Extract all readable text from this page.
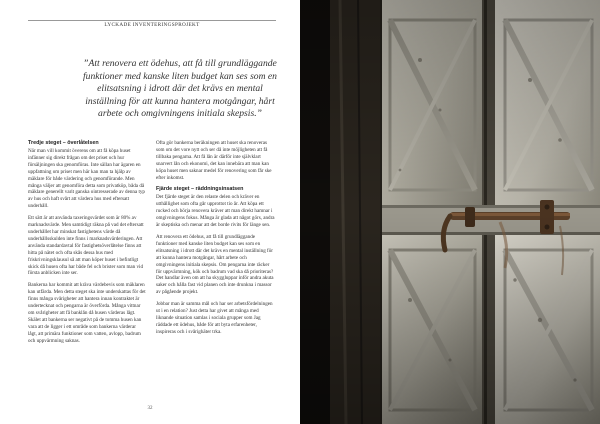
LYCKADE INVENTERINGSPROJEKT
”Att renovera ett ödehus, att få till grundläggande funktioner med kanske liten budget kan ses som en elitsatsning i idrott där det krävs en mental inställning för att kunna hantera motgångar, hårt arbete och omgivningens initiala skepsis.”
Tredje steget – överlåtelsen

När man vill kommit överens om att få köpa huset infänner sig direkt frågan om det priset och hur försäljningen ska genomföras. Inte sällan har ägaren en uppfattning om priset men här kan man ta hjälp av mäklare för både värdering och genomförande. Men många väljer att genomföra detta som privatköp, båda då mäklare generellt varit ganska ointresserade av denna typ av hus och haft svårt att värdera hus med eftersatt underhåll.

Ett sätt är att använda taxeringsvärdet som är 80% av marknadsvärde. Men samtidigt räkna på vad det eftersatt underhållet har minskat fastighetens värde då underhållsskulden inte finns i marknadsvärderingen. Att använda standardavtal för fastighetsöverlåtelse finns att hitta på nätet och ofta skås dessa hus med friskrivningsklausul så att man köper huset i befintligt skick då husen ofta har både fel och brister som man vid första anblicken inte ser.

Bankerna har kommit att kräva värdebevis som mäklaren kan utfärda. Men detta steget ska inte underskattas för det finns många svårigheter att hantera innan kontraktet är undertecknat och pengarna är överförda. Många vittnar om svårigheter att få banklån då husen värderas lågt. Skälet att bankerna ser negativt på de tomma husen kan vara att de ligger i ett område som bankerna värderar lågt, att primära funktioner som vatten, avlopp, badrum och uppvärmning saknas.

Ofta gör bankerna beräkningen att huset ska renoveras som om det vore nytt och ser då inte möjligheten att få tillbaka pengarna. Att få lån är därför inte självklart snarvert lån och ekonomi, det kan innebära att man kan köpa huset men saknar medel för renovering som får ske efter inkomst.

Fjärde steget – räddningsinsatsen

Det fjärde steget är den relaste delen och kräver en utthållighet som ofta går upprottot tio år. Att köpa ett rucked och börja renovera kräver att man direkt hamnar i omgivningens fokus. Många är glada att något görs, andra är skeptiska och menar att det borde rivits för länge sen.

Att renovera ett ödehus, att få till grundläggande funktioner med kanske liten budget kan ses som en elitsatsning i idrott där det krävs en mental inställning för att kunna hantera motgångar, hårt arbete och omgivningens initiala skepsis. Om pengarna inte räcker för uppvärmning, kök och badrum vad ska då prioriteras? Det handlar även om att ha skyggluppar inför andra akuta saker och hålla fast vid planen och inte drunkna i massor av pågående projekt.

Jobbar man är samma mål och har ser arbetsfördelningen ut i en relation? Just detta har givet att många med liknande situation samlas i sociala grupper som Jag räddade ett ödehus, både för att byta erfarenheter, inspireras och i svårighäter trka.

32
